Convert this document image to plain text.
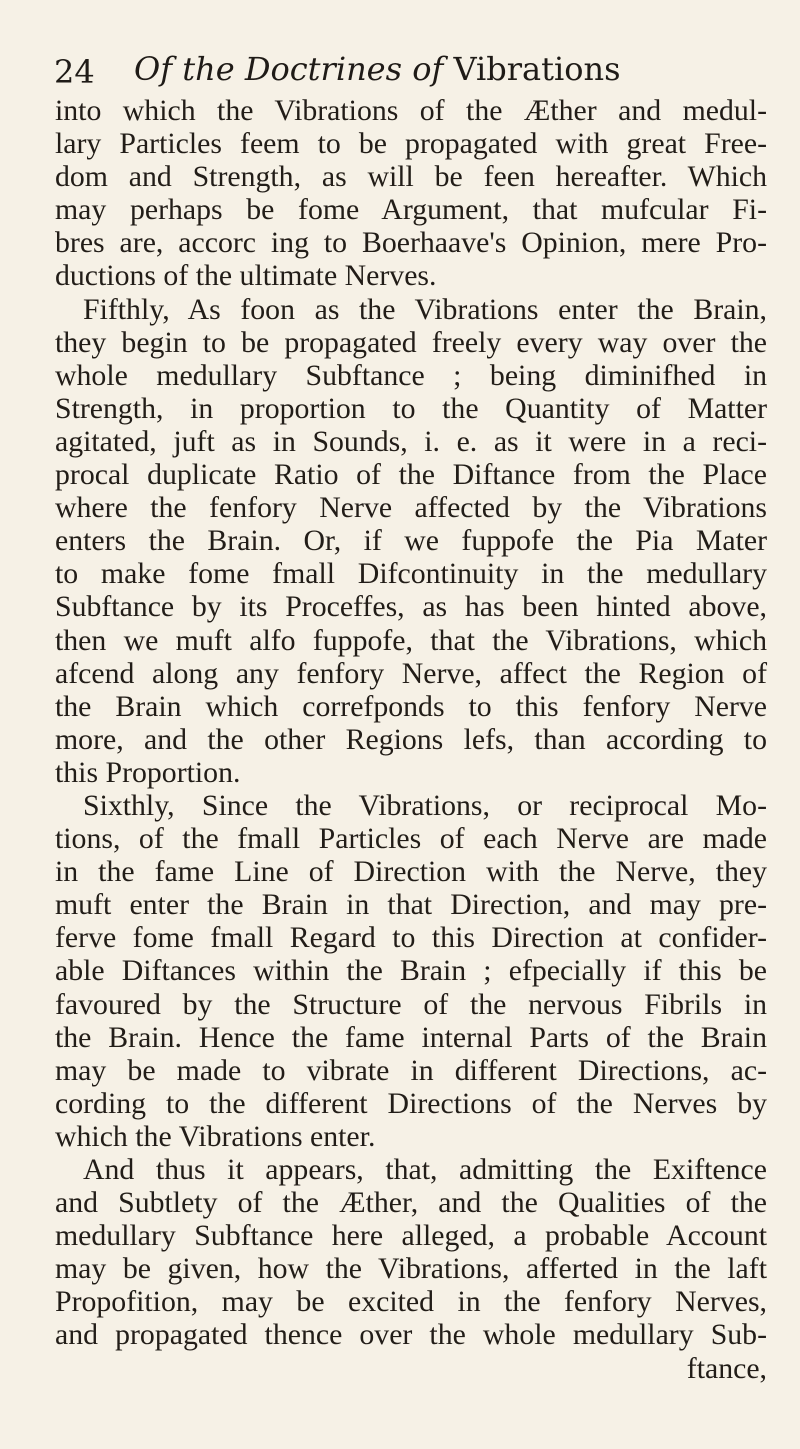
24 Of the Doctrines of Vibrations
into which the Vibrations of the Æther and medul-
lary Particles feem to be propagated with great Free-
dom and Strength, as will be feen hereafter. Which
may perhaps be fome Argument, that mufcular Fi-
bres are, accorc ing to Boerhaave's Opinion, mere Pro-
ductions of the ultimate Nerves.
Fifthly, As foon as the Vibrations enter the Brain,
they begin to be propagated freely every way over the
whole medullary Subftance ; being diminifhed in
Strength, in proportion to the Quantity of Matter
agitated, juft as in Sounds, i. e. as it were in a reci-
procal duplicate Ratio of the Diftance from the Place
where the fenfory Nerve affected by the Vibrations
enters the Brain. Or, if we fuppofe the Pia Mater
to make fome fmall Difcontinuity in the medullary
Subftance by its Proceffes, as has been hinted above,
then we muft alfo fuppofe, that the Vibrations, which
afcend along any fenfory Nerve, affect the Region of
the Brain which correfponds to this fenfory Nerve
more, and the other Regions lefs, than according to
this Proportion.
Sixthly, Since the Vibrations, or reciprocal Mo-
tions, of the fmall Particles of each Nerve are made
in the fame Line of Direction with the Nerve, they
muft enter the Brain in that Direction, and may pre-
ferve fome fmall Regard to this Direction at confider-
able Diftances within the Brain ; efpecially if this be
favoured by the Structure of the nervous Fibrils in
the Brain. Hence the fame internal Parts of the Brain
may be made to vibrate in different Directions, ac-
cording to the different Directions of the Nerves by
which the Vibrations enter.
And thus it appears, that, admitting the Exiftence
and Subtlety of the Æther, and the Qualities of the
medullary Subftance here alleged, a probable Account
may be given, how the Vibrations, afferted in the laft
Propofition, may be excited in the fenfory Nerves,
and propagated thence over the whole medullary Sub-
ftance,
